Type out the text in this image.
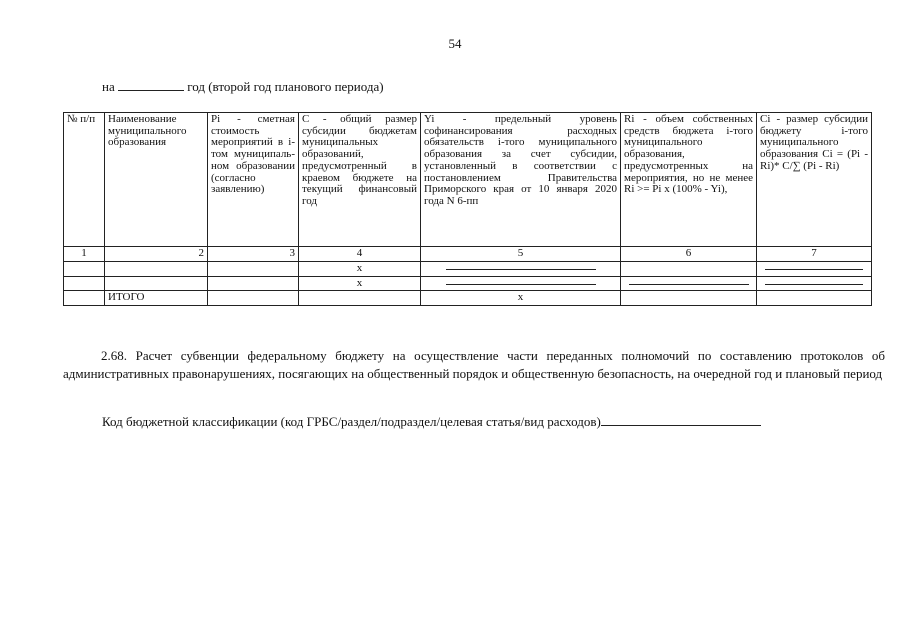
54
на	год (второй год планового периода)
№ п/п	Наименование муниципального образования	Pi - сметная стоимость мероприятий в i-том муниципаль-ном образовании (согласно заявлению)	C - общий размер субсидии бюджетам муниципальных образований, предусмотренный в краевом бюджете на текущий финансовый год	Yi - предельный уровень софинансирования расходных обязательств i-того муниципального образования за счет субсидии, установленный в соответствии с постановлением Правительства Приморского края от 10 января 2020 года N 6-пп	Ri - объем собственных средств бюджета i-того муниципального образования, предусмотренных на мероприятия, но не менее Ri >= Pi x (100% - Yi),	Ci - размер субсидии бюджету i-того муниципального образования Ci = (Pi - Ri)* C/∑ (Pi - Ri)
1	2	3	4	5	6	7
			x	

			x	

	ИТОГО			x		
2.68. Расчет субвенции федеральному бюджету на осуществление части переданных полномочий по составлению протоколов об административных правонарушениях, посягающих на общественный порядок и общественную безопасность, на очередной год и плановый период
Код бюджетной классификации (код ГРБС/раздел/подраздел/целевая статья/вид расходов)
